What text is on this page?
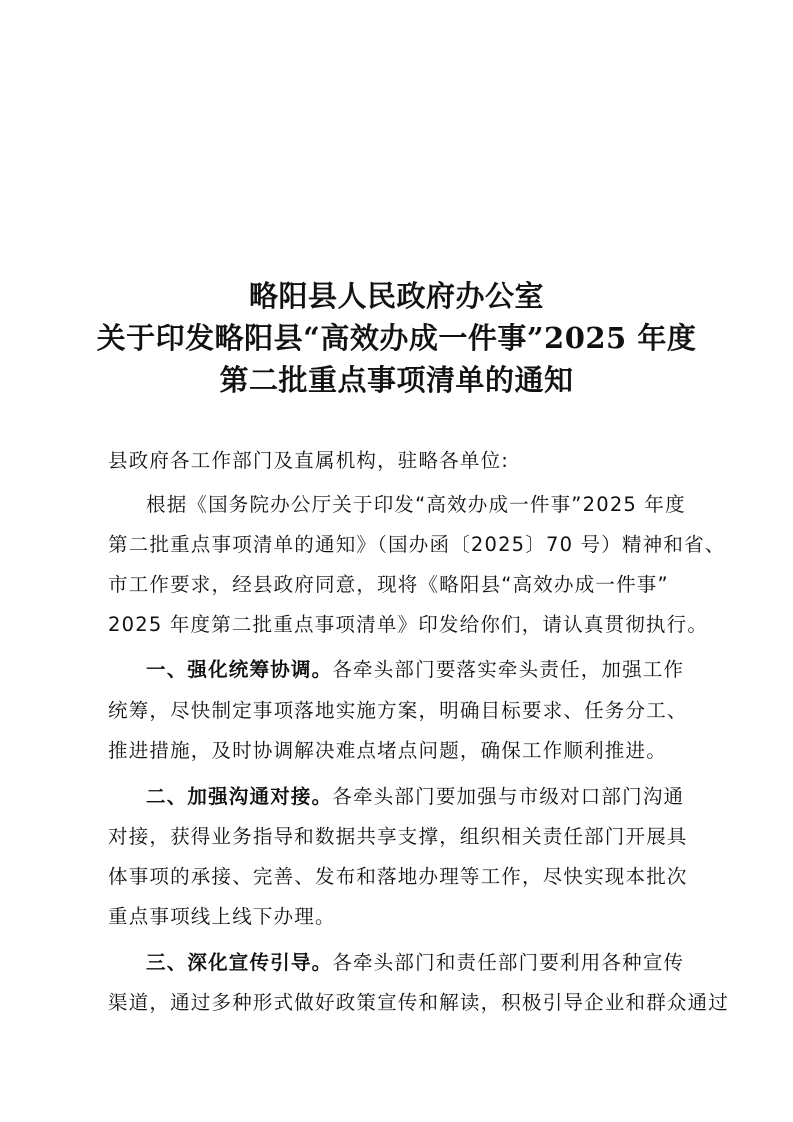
略阳县人民政府办公室
关于印发略阳县“高效办成一件事”2025 年度
第二批重点事项清单的通知
县政府各工作部门及直属机构，驻略各单位:
根据《国务院办公厅关于印发“高效办成一件事”2025 年度
第二批重点事项清单的通知》（国办函〔2025〕70 号）精神和省、
市工作要求，经县政府同意，现将《略阳县“高效办成一件事”
2025 年度第二批重点事项清单》印发给你们，请认真贯彻执行。
一、强化统筹协调。各牵头部门要落实牵头责任，加强工作
统筹，尽快制定事项落地实施方案，明确目标要求、任务分工、
推进措施，及时协调解决难点堵点问题，确保工作顺利推进。
二、加强沟通对接。各牵头部门要加强与市级对口部门沟通
对接，获得业务指导和数据共享支撑，组织相关责任部门开展具
体事项的承接、完善、发布和落地办理等工作，尽快实现本批次
重点事项线上线下办理。
三、深化宣传引导。各牵头部门和责任部门要利用各种宣传
渠道，通过多种形式做好政策宣传和解读，积极引导企业和群众通过
